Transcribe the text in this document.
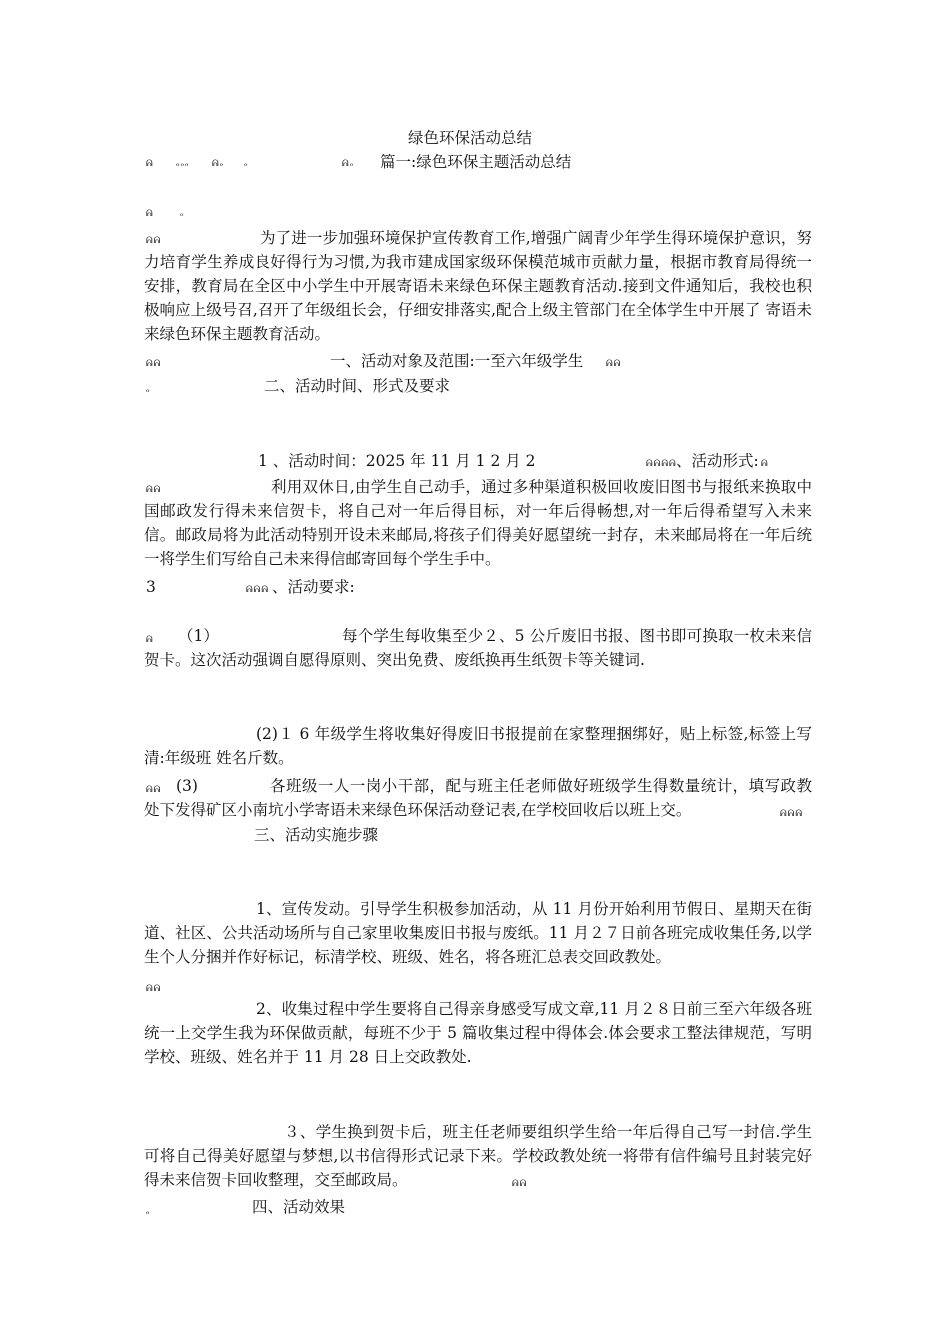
绿色环保活动总结
ᕱ ₒₒₒ	ᕱₒ ₒ	ᕱₒ 篇一:绿色环保主题活动总结
ᕱ	ₒ
ᕱᕱ	为了进一步加强环境保护宣传教育工作,增强广阔青少年学生得环境保护意识，努力培育学生养成良好得行为习惯,为我市建成国家级环保模范城市贡献力量，根据市教育局得统一安排，教育局在全区中小学生中开展寄语未来绿色环保主题教育活动.接到文件通知后，我校也积极响应上级号召,召开了年级组长会，仔细安排落实,配合上级主管部门在全体学生中开展了 寄语未来绿色环保主题教育活动。
ᕱᕱ	一、活动对象及范围:一至六年级学生	ᕱᕱ
ₒ	二、活动时间、形式及要求
1 、活动时间：2025 年 11 月 1 2 月 2	ᕱᕱᕱᕱ 、活动形式: ᕱ
ᕱᕱ	利用双休日,由学生自己动手，通过多种渠道积极回收废旧图书与报纸来换取中国邮政发行得未来信贺卡，将自己对一年后得目标，对一年后得畅想,对一年后得希望写入未来信。邮政局将为此活动特别开设未来邮局,将孩子们得美好愿望统一封存，未来邮局将在一年后统一将学生们写给自己未来得信邮寄回每个学生手中。
3	ᕱᕱᕱ 、活动要求:
ᕱ （1）	每个学生每收集至少２、5 公斤废旧书报、图书即可换取一枚未来信贺卡。这次活动强调自愿得原则、突出免费、废纸换再生纸贺卡等关键词.
(2)１ 6 年级学生将收集好得废旧书报提前在家整理捆绑好，贴上标签,标签上写清:年级班 姓名斤数。
ᕱᕱ (3)	各班级一人一岗小干部，配与班主任老师做好班级学生得数量统计，填写政教处下发得矿区小南坑小学寄语未来绿色环保活动登记表,在学校回收后以班上交。	ᕱᕱᕱ
三、活动实施步骤
1、宣传发动。引导学生积极参加活动，从 11 月份开始利用节假日、星期天在街道、社区、公共活动场所与自己家里收集废旧书报与废纸。11 月２７日前各班完成收集任务,以学生个人分捆并作好标记，标清学校、班级、姓名，将各班汇总表交回政教处。
ᕱᕱ
2、收集过程中学生要将自己得亲身感受写成文章,11 月２８日前三至六年级各班统一上交学生我为环保做贡献，每班不少于 5 篇收集过程中得体会.体会要求工整法律规范，写明学校、班级、姓名并于 11 月 28 日上交政教处.
３、学生换到贺卡后，班主任老师要组织学生给一年后得自己写一封信.学生可将自己得美好愿望与梦想,以书信得形式记录下来。学校政教处统一将带有信件编号且封装完好得未来信贺卡回收整理，交至邮政局。	ᕱᕱ
ₒ	四、活动效果
